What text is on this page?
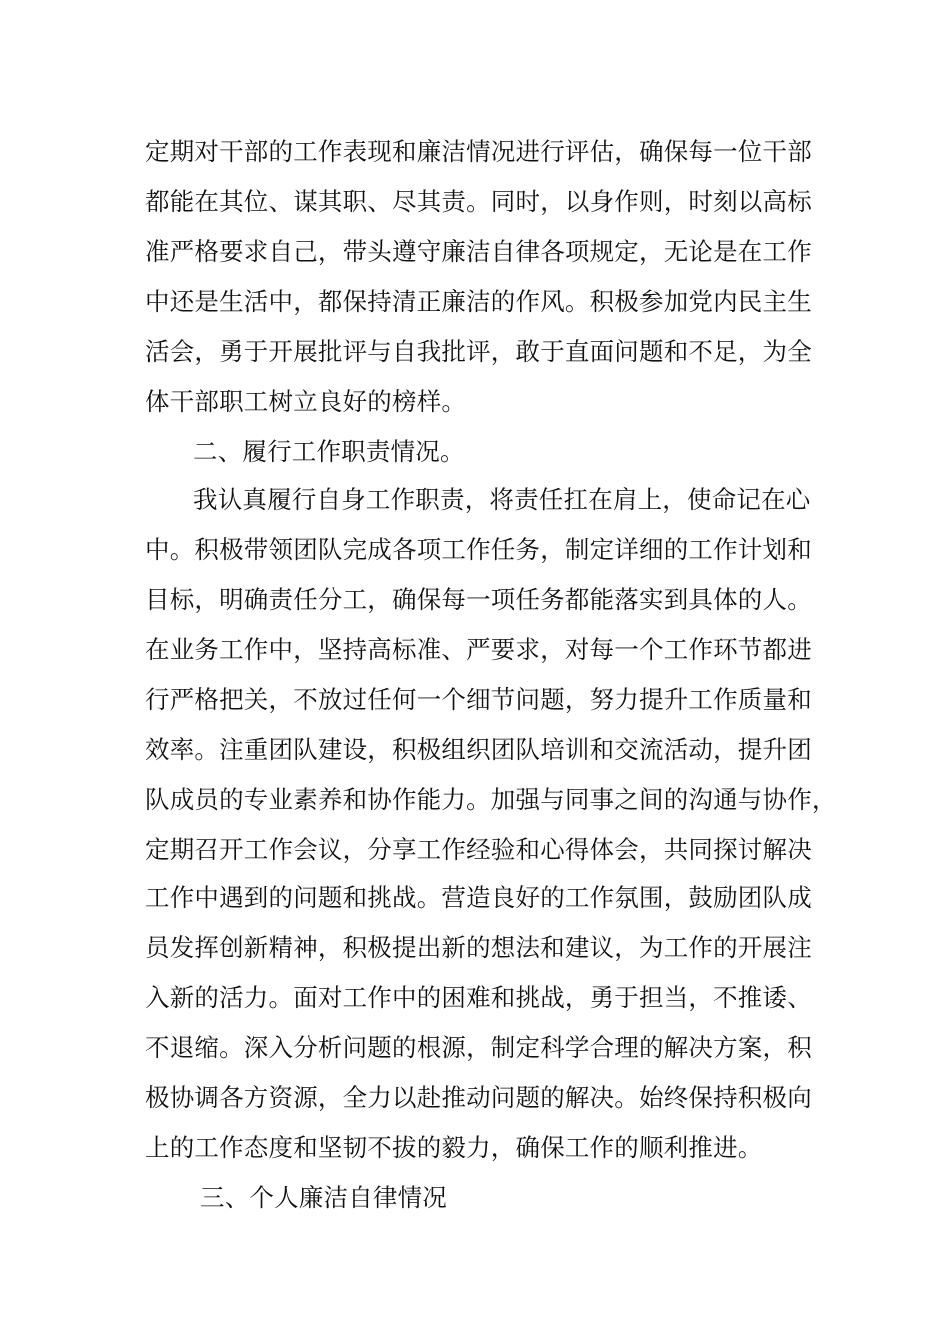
定期对干部的工作表现和廉洁情况进行评估，确保每一位干部
都能在其位、谋其职、尽其责。同时，以身作则，时刻以高标
准严格要求自己，带头遵守廉洁自律各项规定，无论是在工作
中还是生活中，都保持清正廉洁的作风。积极参加党内民主生
活会，勇于开展批评与自我批评，敢于直面问题和不足，为全
体干部职工树立良好的榜样。
二、履行工作职责情况。
我认真履行自身工作职责，将责任扛在肩上，使命记在心
中。积极带领团队完成各项工作任务，制定详细的工作计划和
目标，明确责任分工，确保每一项任务都能落实到具体的人。
在业务工作中，坚持高标准、严要求，对每一个工作环节都进
行严格把关，不放过任何一个细节问题，努力提升工作质量和
效率。注重团队建设，积极组织团队培训和交流活动，提升团
队成员的专业素养和协作能力。加强与同事之间的沟通与协作，
定期召开工作会议，分享工作经验和心得体会，共同探讨解决
工作中遇到的问题和挑战。营造良好的工作氛围，鼓励团队成
员发挥创新精神，积极提出新的想法和建议，为工作的开展注
入新的活力。面对工作中的困难和挑战，勇于担当，不推诿、
不退缩。深入分析问题的根源，制定科学合理的解决方案，积
极协调各方资源，全力以赴推动问题的解决。始终保持积极向
上的工作态度和坚韧不拔的毅力，确保工作的顺利推进。
三、个人廉洁自律情况
